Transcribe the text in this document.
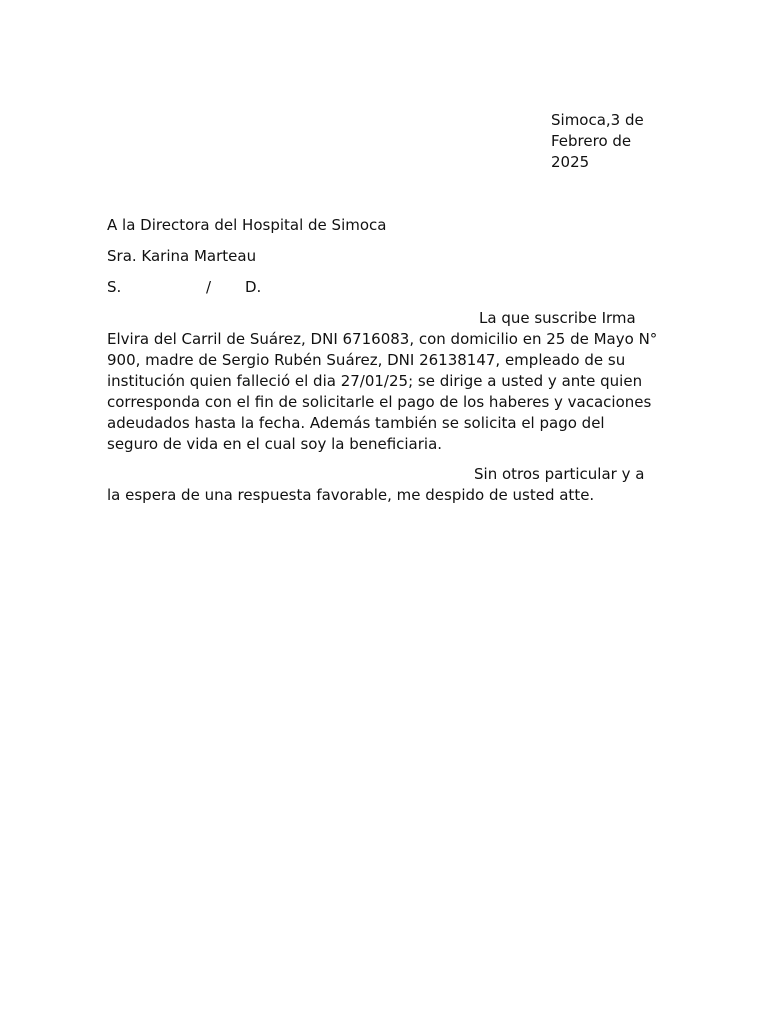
Simoca,3 de
Febrero de
2025
A la Directora del Hospital de Simoca
Sra. Karina Marteau
S.	/ D.
La que suscribe Irma
Elvira del Carril de Suárez, DNI 6716083, con domicilio en 25 de Mayo N°
900, madre de Sergio Rubén Suárez, DNI 26138147, empleado de su
institución quien falleció el dia 27/01/25; se dirige a usted y ante quien
corresponda con el fin de solicitarle el pago de los haberes y vacaciones
adeudados hasta la fecha. Además también se solicita el pago del
seguro de vida en el cual soy la beneficiaria.
Sin otros particular y a
la espera de una respuesta favorable, me despido de usted atte.
